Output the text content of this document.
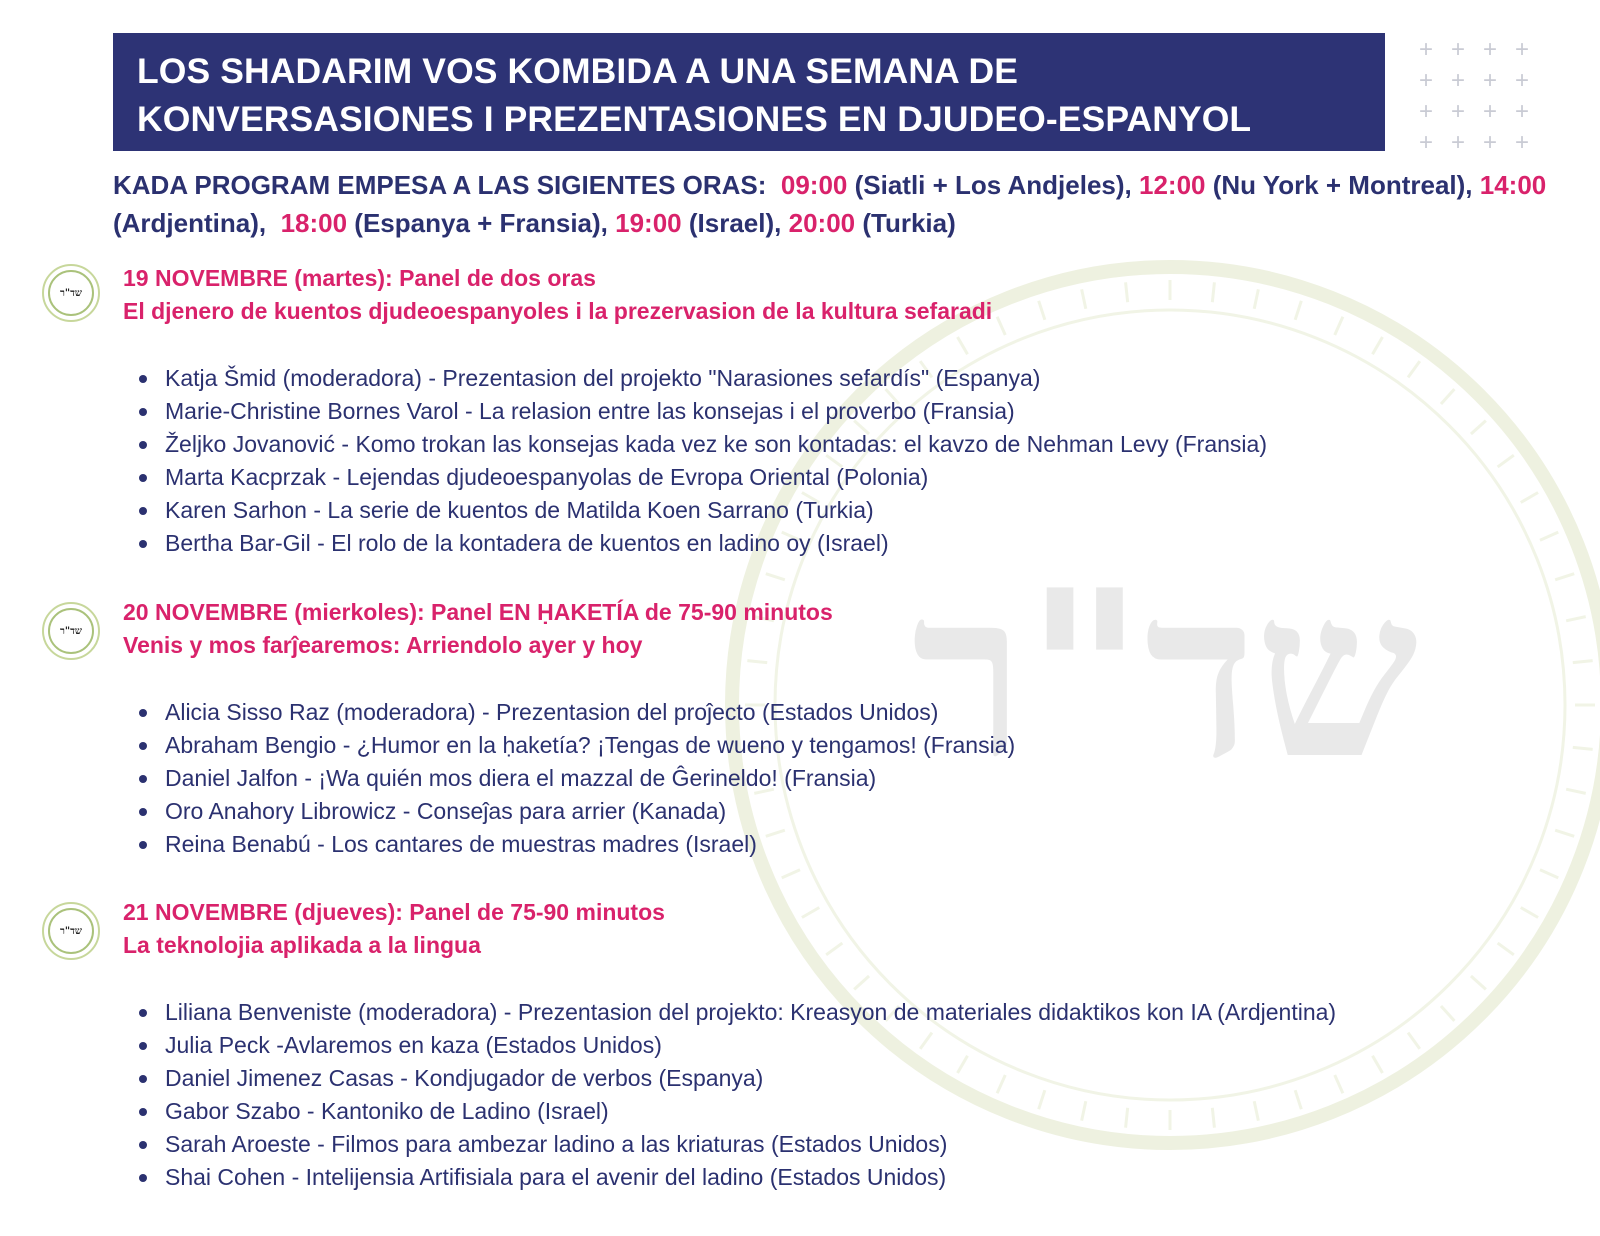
שד"ר
+ + + +
+ + + +
+ + + +
+ + + +
LOS SHADARIM VOS KOMBIDA A UNA SEMANA DE
KONVERSASIONES I PREZENTASIONES EN DJUDEO-ESPANYOL
KADA PROGRAM EMPESA A LAS SIGIENTES ORAS: 09:00 (Siatli + Los Andjeles), 12:00 (Nu York + Montreal), 14:00 (Ardjentina), 18:00 (Espanya + Fransia), 19:00 (Israel), 20:00 (Turkia)
שד"ר
19 NOVEMBRE (martes): Panel de dos oras
El djenero de kuentos djudeoespanyoles i la prezervasion de la kultura sefaradi
Katja Šmid (moderadora) - Prezentasion del projekto "Narasiones sefardís" (Espanya)
Marie-Christine Bornes Varol - La relasion entre las konsejas i el proverbo (Fransia)
Željko Jovanović - Komo trokan las konsejas kada vez ke son kontadas: el kavzo de Nehman Levy (Fransia)
Marta Kacprzak - Lejendas djudeoespanyolas de Evropa Oriental (Polonia)
Karen Sarhon - La serie de kuentos de Matilda Koen Sarrano (Turkia)
Bertha Bar-Gil - El rolo de la kontadera de kuentos en ladino oy (Israel)
שד"ר
20 NOVEMBRE (mierkoles): Panel EN ḤAKETÍA de 75-90 minutos
Venis y mos farĵearemos: Arriendolo ayer y hoy
Alicia Sisso Raz (moderadora) - Prezentasion del proĵecto (Estados Unidos)
Abraham Bengio - ¿Humor en la ḥaketía? ¡Tengas de wueno y tengamos! (Fransia)
Daniel Jalfon - ¡Wa quién mos diera el mazzal de Ĝerineldo! (Fransia)
Oro Anahory Librowicz - Conseĵas para arrier (Kanada)
Reina Benabú - Los cantares de muestras madres (Israel)
שד"ר
21 NOVEMBRE (djueves): Panel de 75-90 minutos
La teknolojia aplikada a la lingua
Liliana Benveniste (moderadora) - Prezentasion del projekto: Kreasyon de materiales didaktikos kon IA (Ardjentina)
Julia Peck -Avlaremos en kaza (Estados Unidos)
Daniel Jimenez Casas - Kondjugador de verbos (Espanya)
Gabor Szabo - Kantoniko de Ladino (Israel)
Sarah Aroeste - Filmos para ambezar ladino a las kriaturas (Estados Unidos)
Shai Cohen - Intelijensia Artifisiala para el avenir del ladino (Estados Unidos)
